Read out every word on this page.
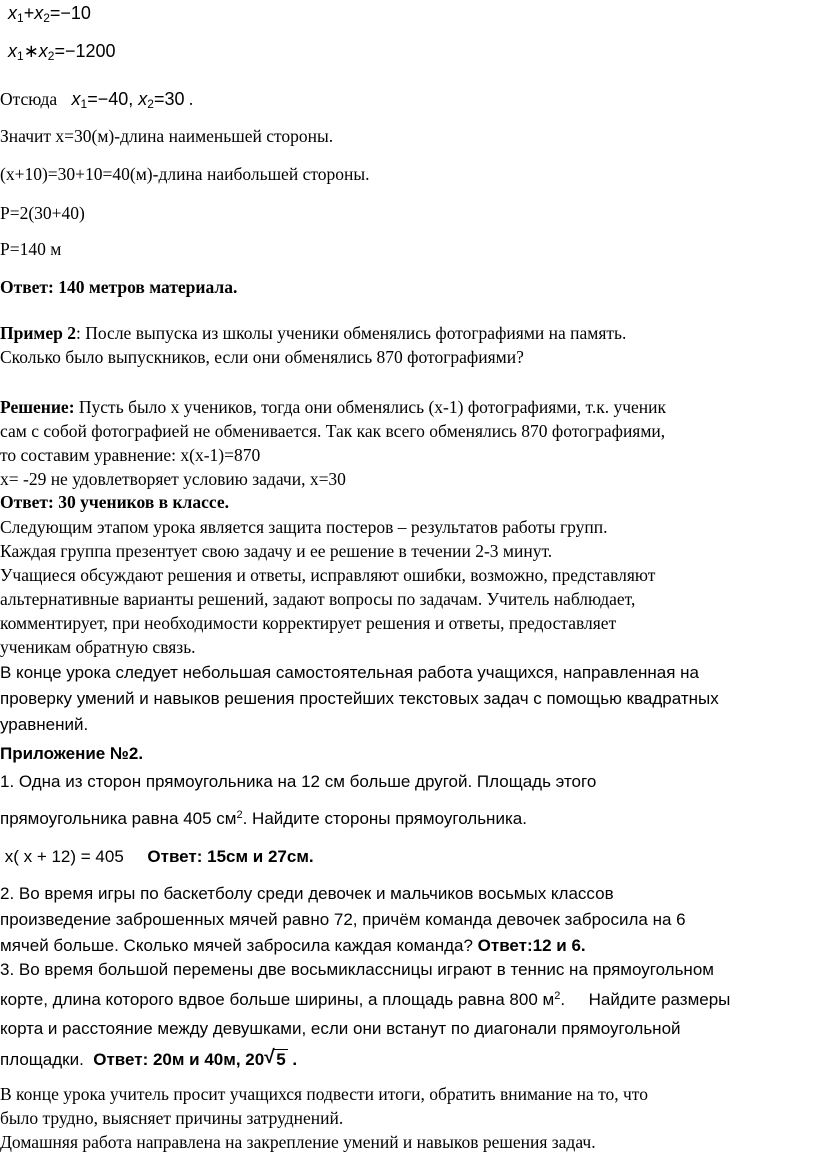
$x_1+x_2=-10$
$x_1∗x_2=-1200$
Отсюда $x_1=-40$, $x_2=30$ .
Значит х=30(м)-длина наименьшей стороны.
(х+10)=30+10=40(м)-длина наибольшей стороны.
Р=2(30+40)
Р=140 м
Ответ: 140 метров материала.
Пример 2: После выпуска из школы ученики обменялись фотографиями на память.
Сколько было выпускников, если они обменялись 870 фотографиями?
Решение: Пусть было х учеников, тогда они обменялись (х-1) фотографиями, т.к. ученик
сам с собой фотографией не обменивается. Так как всего обменялись 870 фотографиями,
то составим уравнение: х(х-1)=870
х= -29 не удовлетворяет условию задачи, х=30
Ответ: 30 учеников в классе.
Следующим этапом урока является защита постеров – результатов работы групп.
Каждая группа презентует свою задачу и ее решение в течении 2-3 минут.
Учащиеся обсуждают решения и ответы, исправляют ошибки, возможно, представляют
альтернативные варианты решений, задают вопросы по задачам. Учитель наблюдает,
комментирует, при необходимости корректирует решения и ответы, предоставляет
ученикам обратную связь.
В конце урока следует небольшая самостоятельная работа учащихся, направленная на
проверку умений и навыков решения простейших текстовых задач с помощью квадратных
уравнений.
Приложение №2.
1. Одна из сторон прямоугольника на 12 см больше другой. Площадь этого
прямоугольника равна 405 $см^2$. Найдите стороны прямоугольника.
х( х + 12) = 405     Ответ: 15см и 27см.
2. Во время игры по баскетболу среди девочек и мальчиков восьмых классов
произведение заброшенных мячей равно 72, причём команда девочек забросила на 6
мячей больше. Сколько мячей забросила каждая команда? Ответ:12 и 6.
3. Во время большой перемены две восьмиклассницы играют в теннис на прямоугольном
корте, длина которого вдвое больше ширины, а площадь равна 800 $м^2$.     Найдите размеры
корта и расстояние между девушками, если они встанут по диагонали прямоугольной
площадки.  Ответ: 20м и 40м, 20 √ 5 .
В конце урока учитель просит учащихся подвести итоги, обратить внимание на то, что
было трудно, выясняет причины затруднений.
Домашняя работа направлена на закрепление умений и навыков решения задач.
